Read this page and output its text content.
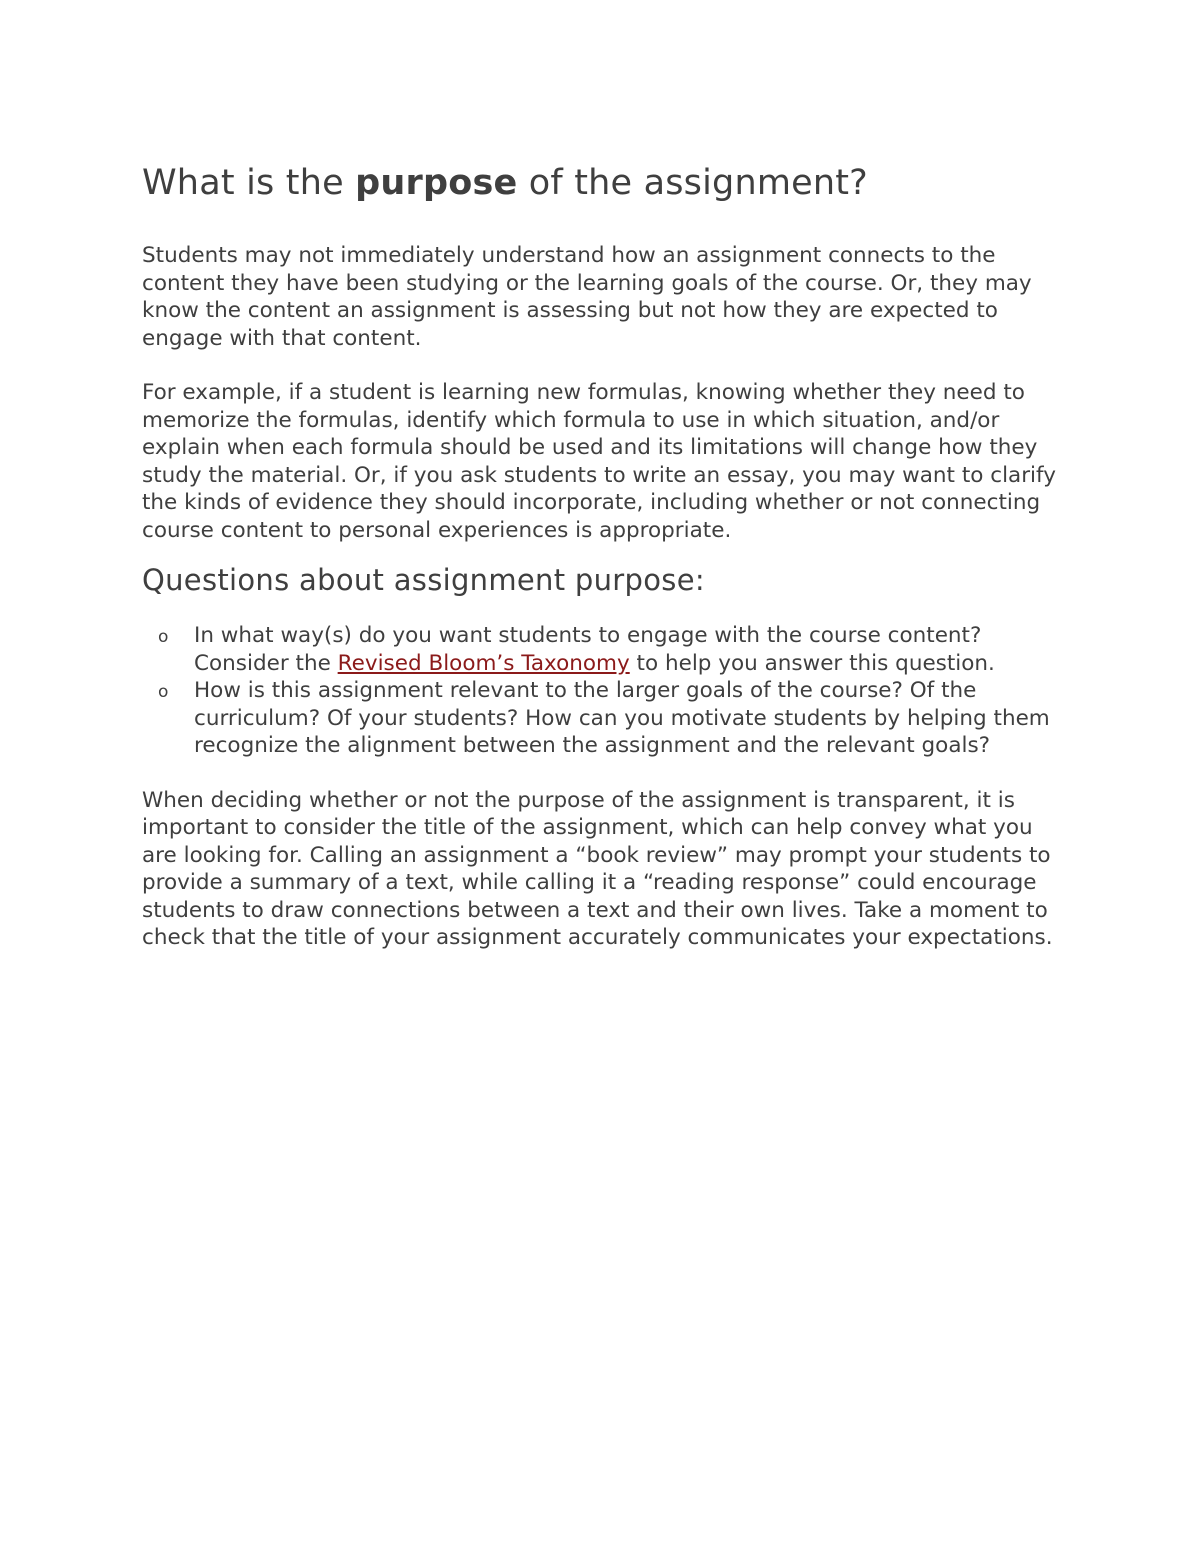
What is the purpose of the assignment?

Students may not immediately understand how an assignment connects to the content they have been studying or the learning goals of the course. Or, they may know the content an assignment is assessing but not how they are expected to engage with that content.

For example, if a student is learning new formulas, knowing whether they need to memorize the formulas, identify which formula to use in which situation, and/or explain when each formula should be used and its limitations will change how they study the material. Or, if you ask students to write an essay, you may want to clarify the kinds of evidence they should incorporate, including whether or not connecting course content to personal experiences is appropriate.

Questions about assignment purpose:
o In what way(s) do you want students to engage with the course content? Consider the Revised Bloom’s Taxonomy to help you answer this question.
o How is this assignment relevant to the larger goals of the course? Of the curriculum? Of your students? How can you motivate students by helping them recognize the alignment between the assignment and the relevant goals?

When deciding whether or not the purpose of the assignment is transparent, it is important to consider the title of the assignment, which can help convey what you are looking for. Calling an assignment a “book review” may prompt your students to provide a summary of a text, while calling it a “reading response” could encourage students to draw connections between a text and their own lives. Take a moment to check that the title of your assignment accurately communicates your expectations.
